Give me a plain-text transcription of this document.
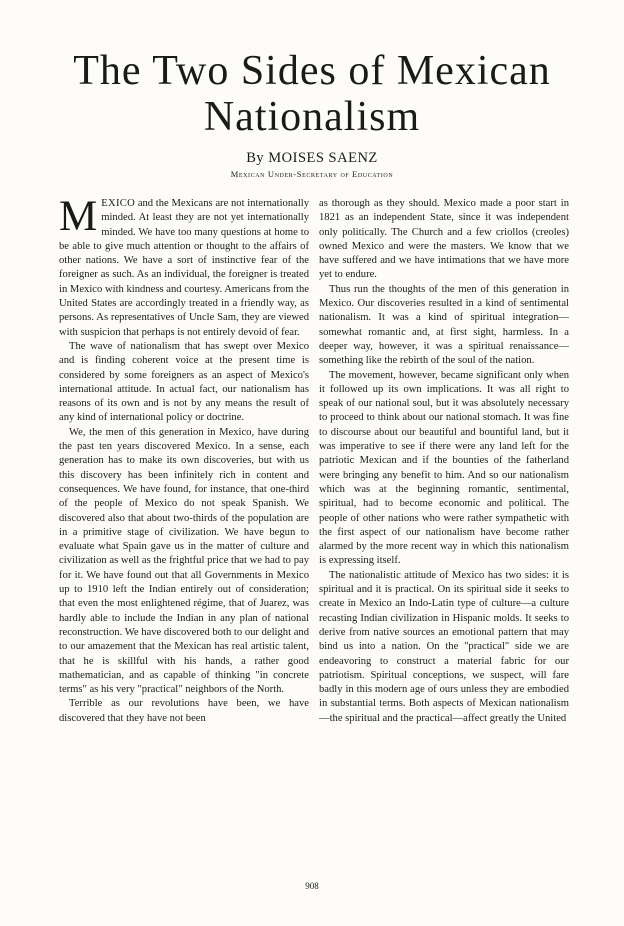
The Two Sides of Mexican
Nationalism
By MOISES SAENZ
Mexican Under-Secretary of Education

MEXICO and the Mexicans are not internationally minded. At least they are not yet internationally minded. We have too many questions at home to be able to give much attention or thought to the affairs of other nations. We have a sort of instinctive fear of the foreigner as such. As an individual, the foreigner is treated in Mexico with kindness and courtesy. Americans from the United States are accordingly treated in a friendly way, as persons. As representatives of Uncle Sam, they are viewed with suspicion that perhaps is not entirely devoid of fear.

The wave of nationalism that has swept over Mexico and is finding coherent voice at the present time is considered by some foreigners as an aspect of Mexico's international attitude. In actual fact, our nationalism has reasons of its own and is not by any means the result of any kind of international policy or doctrine.

We, the men of this generation in Mexico, have during the past ten years discovered Mexico. In a sense, each generation has to make its own discoveries, but with us this discovery has been infinitely rich in content and consequences. We have found, for instance, that one-third of the people of Mexico do not speak Spanish. We discovered also that about two-thirds of the population are in a primitive stage of civilization. We have begun to evaluate what Spain gave us in the matter of culture and civilization as well as the frightful price that we had to pay for it. We have found out that all Governments in Mexico up to 1910 left the Indian entirely out of consideration; that even the most enlightened régime, that of Juarez, was hardly able to include the Indian in any plan of national reconstruction. We have discovered both to our delight and to our amazement that the Mexican has real artistic talent, that he is skillful with his hands, a rather good mathematician, and as capable of thinking "in concrete terms" as his very "practical" neighbors of the North.

Terrible as our revolutions have been, we have discovered that they have not been

as thorough as they should. Mexico made a poor start in 1821 as an independent State, since it was independent only politically. The Church and a few criollos (creoles) owned Mexico and were the masters. We know that we have suffered and we have intimations that we have more yet to endure.

Thus run the thoughts of the men of this generation in Mexico. Our discoveries resulted in a kind of sentimental nationalism. It was a kind of spiritual integration—somewhat romantic and, at first sight, harmless. In a deeper way, however, it was a spiritual renaissance—something like the rebirth of the soul of the nation.

The movement, however, became significant only when it followed up its own implications. It was all right to speak of our national soul, but it was absolutely necessary to proceed to think about our national stomach. It was fine to discourse about our beautiful and bountiful land, but it was imperative to see if there were any land left for the patriotic Mexican and if the bounties of the fatherland were bringing any benefit to him. And so our nationalism which was at the beginning romantic, sentimental, spiritual, had to become economic and political. The people of other nations who were rather sympathetic with the first aspect of our nationalism have become rather alarmed by the more recent way in which this nationalism is expressing itself.

The nationalistic attitude of Mexico has two sides: it is spiritual and it is practical. On its spiritual side it seeks to create in Mexico an Indo-Latin type of culture—a culture recasting Indian civilization in Hispanic molds. It seeks to derive from native sources an emotional pattern that may bind us into a nation. On the "practical" side we are endeavoring to construct a material fabric for our patriotism. Spiritual conceptions, we suspect, will fare badly in this modern age of ours unless they are embodied in substantial terms. Both aspects of Mexican nationalism—the spiritual and the practical—affect greatly the United

908
